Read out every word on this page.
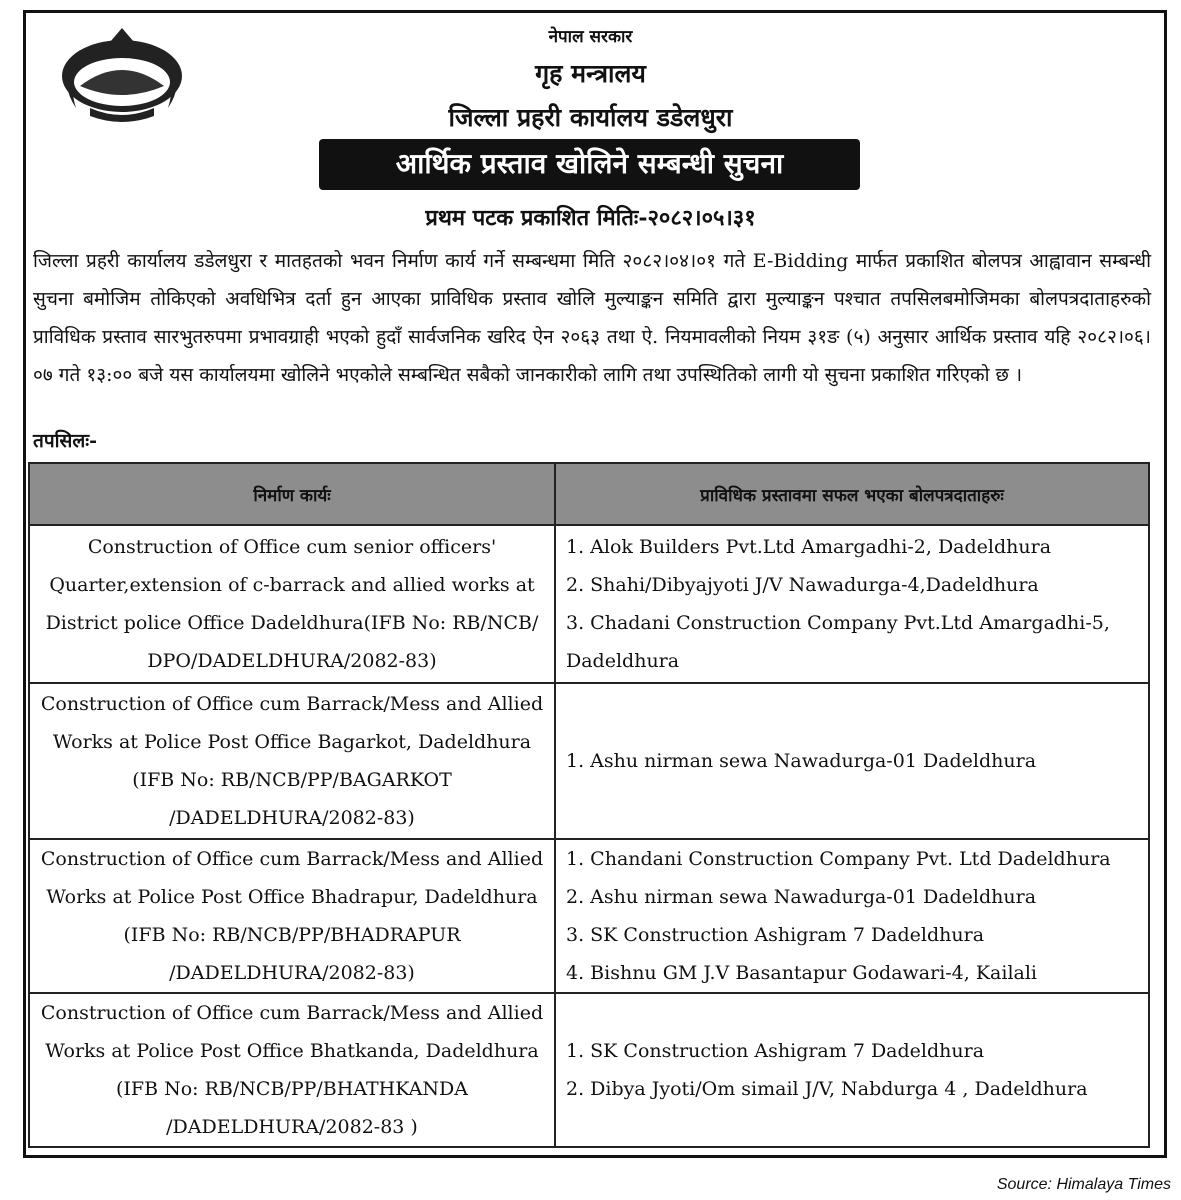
नेपाल सरकार
गृह मन्त्रालय
जिल्ला प्रहरी कार्यालय डडेलधुरा
आर्थिक प्रस्ताव खोलिने सम्बन्धी सुचना
प्रथम पटक प्रकाशित मितिः-२०८२।०५।३१
जिल्ला प्रहरी कार्यालय डडेलधुरा र मातहतको भवन निर्माण कार्य गर्ने सम्बन्धमा मिति २०८२।०४।०१ गते E-Bidding मार्फत प्रकाशित बोलपत्र आह्वावान सम्बन्धी सुचना बमोजिम तोकिएको अवधिभित्र दर्ता हुन आएका प्राविधिक प्रस्ताव खोलि मुल्याङ्कन समिति द्वारा मुल्याङ्कन पश्चात तपसिलबमोजिमका बोलपत्रदाताहरुको प्राविधिक प्रस्ताव सारभुतरुपमा प्रभावग्राही भएको हुदाँ सार्वजनिक खरिद ऐन २०६३ तथा ऐ. नियमावलीको नियम ३१ङ (५) अनुसार आर्थिक प्रस्ताव यहि २०८२।०६।०७ गते १३:०० बजे यस कार्यालयमा खोलिने भएकोले सम्बन्धित सबैको जानकारीको लागि तथा उपस्थितिको लागी यो सुचना प्रकाशित गरिएको छ ।
तपसिलः-
निर्माण कार्यः	प्राविधिक प्रस्तावमा सफल भएका बोलपत्रदाताहरुः
Construction of Office cum senior officers' Quarter,extension of c-barrack and allied works at District police Office Dadeldhura(IFB No: RB/NCB/ DPO/DADELDHURA/2082-83)	1. Alok Builders Pvt.Ltd Amargadhi-2, Dadeldhura
2. Shahi/Dibyajyoti J/V Nawadurga-4,Dadeldhura
3. Chadani Construction Company Pvt.Ltd Amargadhi-5, Dadeldhura

Construction of Office cum Barrack/Mess and Allied Works at Police Post Office Bagarkot, Dadeldhura (IFB No: RB/NCB/PP/BAGARKOT /DADELDHURA/2082-83)	1. Ashu nirman sewa Nawadurga-01 Dadeldhura

Construction of Office cum Barrack/Mess and Allied Works at Police Post Office Bhadrapur, Dadeldhura (IFB No: RB/NCB/PP/BHADRAPUR /DADELDHURA/2082-83)	1. Chandani Construction Company Pvt. Ltd Dadeldhura
2. Ashu nirman sewa Nawadurga-01 Dadeldhura
3. SK Construction Ashigram 7 Dadeldhura
4. Bishnu GM J.V Basantapur Godawari-4, Kailali

Construction of Office cum Barrack/Mess and Allied Works at Police Post Office Bhatkanda, Dadeldhura (IFB No: RB/NCB/PP/BHATHKANDA /DADELDHURA/2082-83 )	1. SK Construction Ashigram 7 Dadeldhura
2. Dibya Jyoti/Om simail J/V, Nabdurga 4 , Dadeldhura
Source: Himalaya Times
